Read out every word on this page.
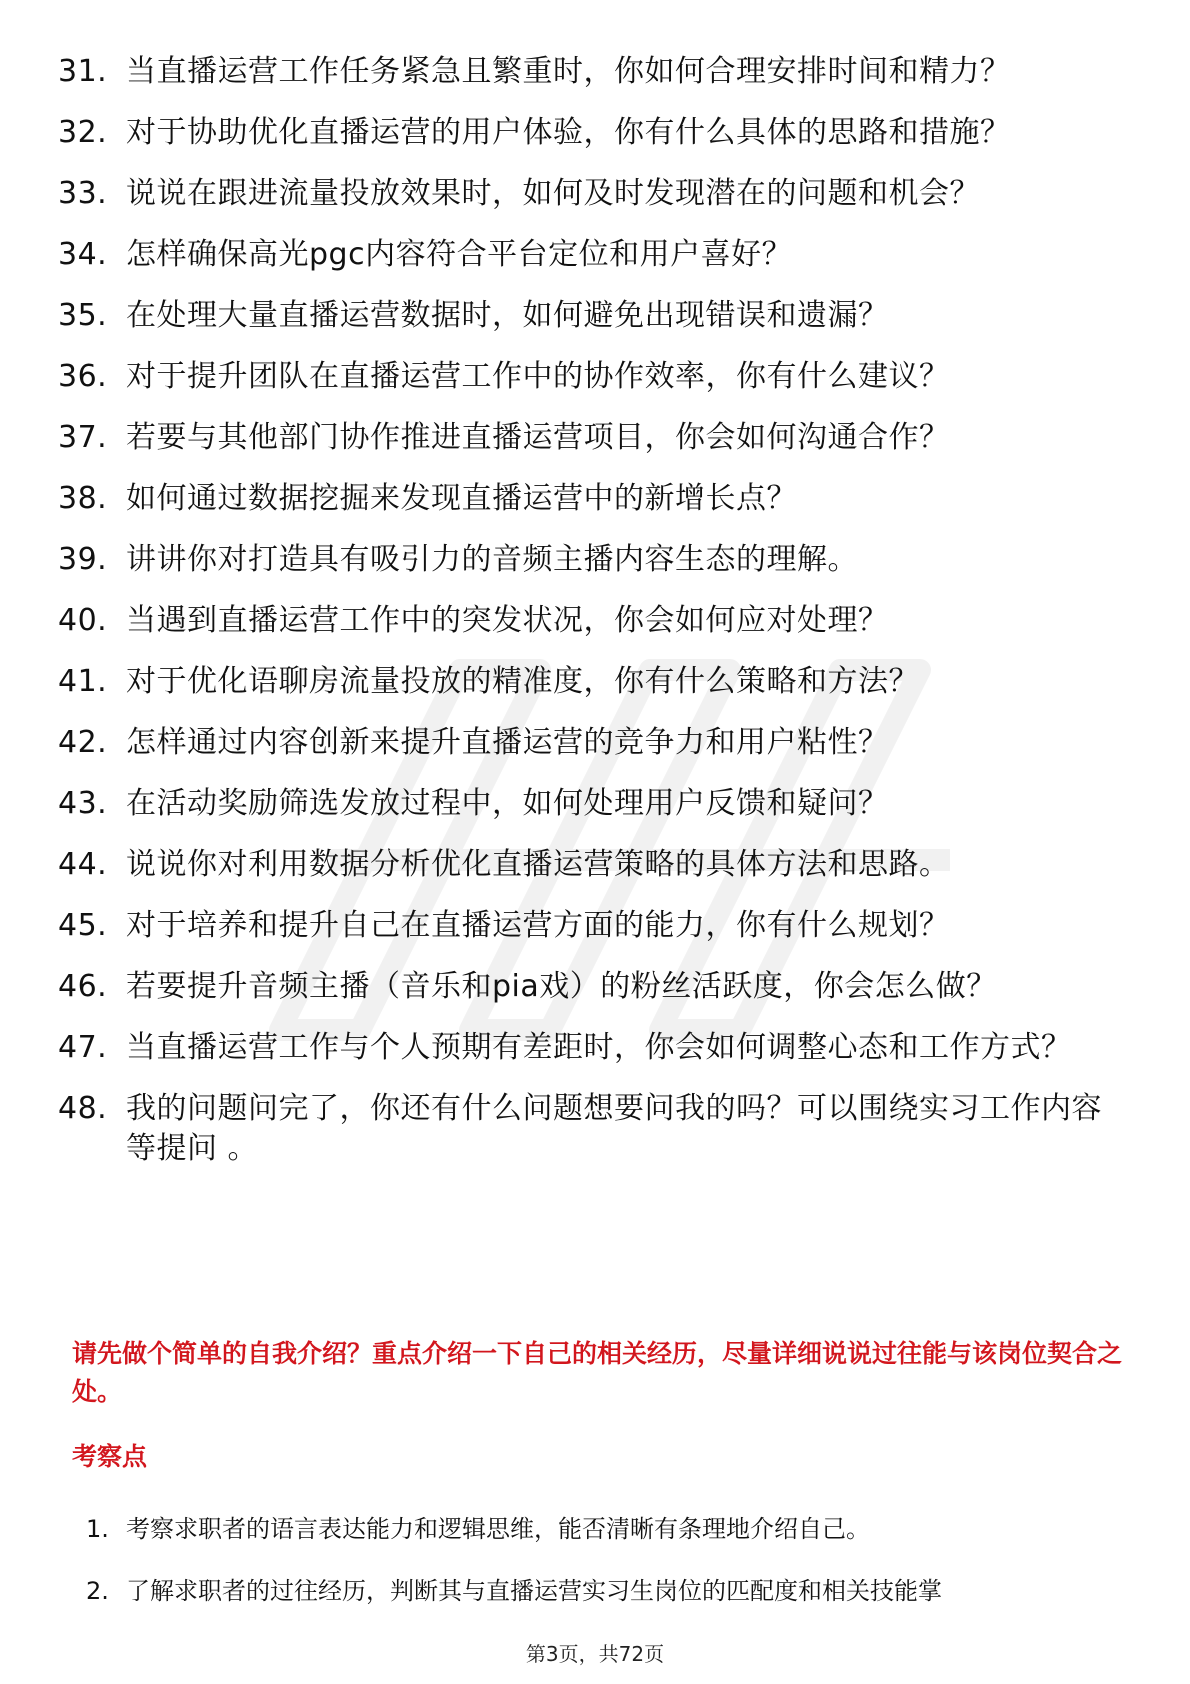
31. 当直播运营工作任务紧急且繁重时，你如何合理安排时间和精力？
32. 对于协助优化直播运营的用户体验，你有什么具体的思路和措施？
33. 说说在跟进流量投放效果时，如何及时发现潜在的问题和机会？
34. 怎样确保高光pgc内容符合平台定位和用户喜好？
35. 在处理大量直播运营数据时，如何避免出现错误和遗漏？
36. 对于提升团队在直播运营工作中的协作效率，你有什么建议？
37. 若要与其他部门协作推进直播运营项目，你会如何沟通合作？
38. 如何通过数据挖掘来发现直播运营中的新增长点？
39. 讲讲你对打造具有吸引力的音频主播内容生态的理解。
40. 当遇到直播运营工作中的突发状况，你会如何应对处理？
41. 对于优化语聊房流量投放的精准度，你有什么策略和方法？
42. 怎样通过内容创新来提升直播运营的竞争力和用户粘性？
43. 在活动奖励筛选发放过程中，如何处理用户反馈和疑问？
44. 说说你对利用数据分析优化直播运营策略的具体方法和思路。
45. 对于培养和提升自己在直播运营方面的能力，你有什么规划？
46. 若要提升音频主播（音乐和pia戏）的粉丝活跃度，你会怎么做？
47. 当直播运营工作与个人预期有差距时，你会如何调整心态和工作方式？
48. 我的问题问完了，你还有什么问题想要问我的吗？可以围绕实习工作内容等提问 。

请先做个简单的自我介绍？重点介绍一下自己的相关经历，尽量详细说说过往能与该岗位契合之处。

考察点

1. 考察求职者的语言表达能力和逻辑思维，能否清晰有条理地介绍自己。
2. 了解求职者的过往经历，判断其与直播运营实习生岗位的匹配度和相关技能掌

第3页，共72页
